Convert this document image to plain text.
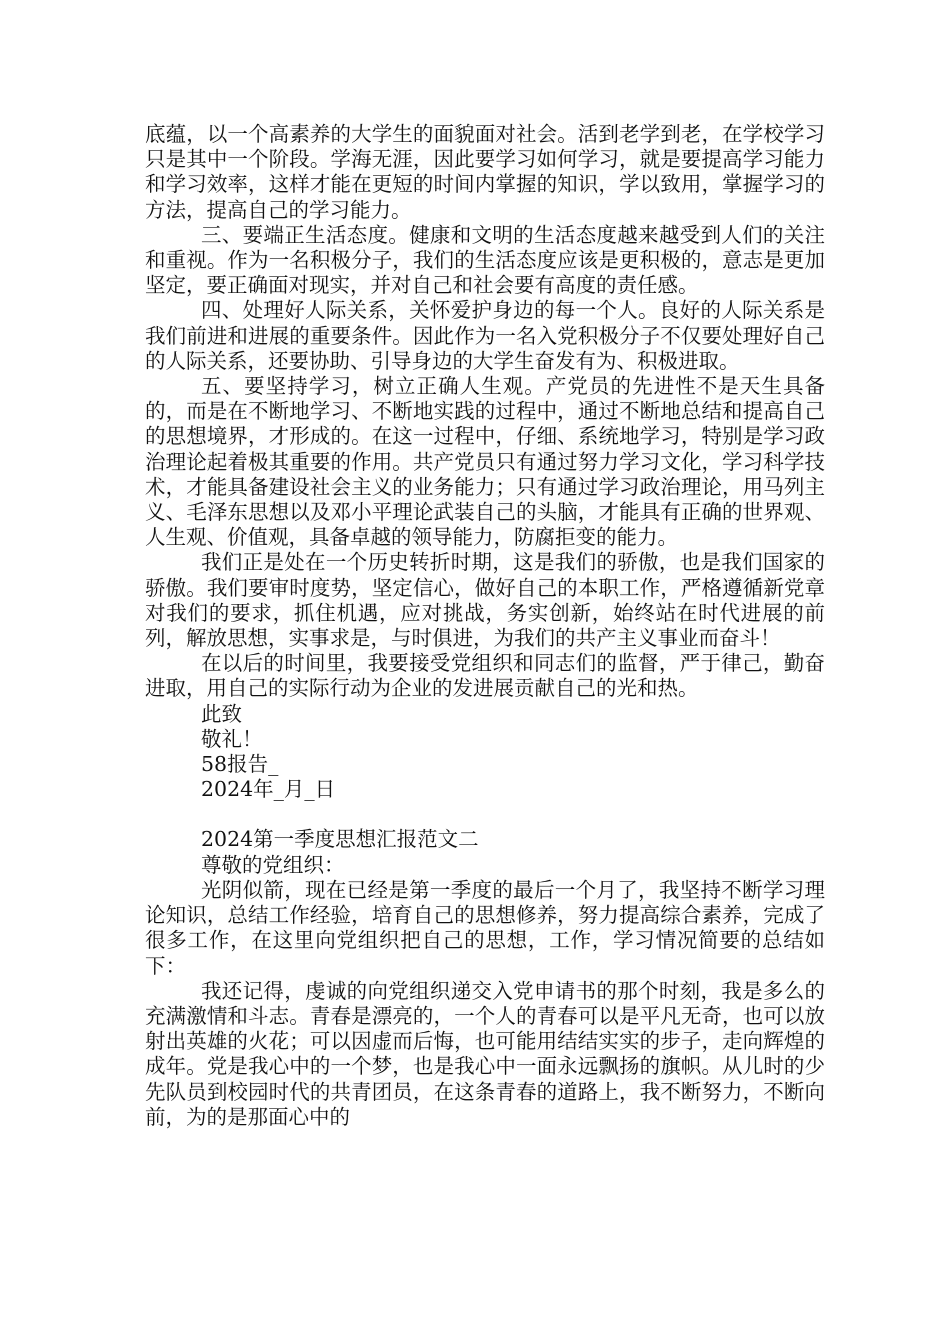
底蕴，以一个高素养的大学生的面貌面对社会。活到老学到老，在学校学习只是其中一个阶段。学海无涯，因此要学习如何学习，就是要提高学习能力和学习效率，这样才能在更短的时间内掌握的知识，学以致用，掌握学习的方法，提高自己的学习能力。

三、要端正生活态度。健康和文明的生活态度越来越受到人们的关注和重视。作为一名积极分子，我们的生活态度应该是更积极的，意志是更加坚定，要正确面对现实，并对自己和社会要有高度的责任感。

四、处理好人际关系，关怀爱护身边的每一个人。良好的人际关系是我们前进和进展的重要条件。因此作为一名入党积极分子不仅要处理好自己的人际关系，还要协助、引导身边的大学生奋发有为、积极进取。

五、要坚持学习，树立正确人生观。产党员的先进性不是天生具备的，而是在不断地学习、不断地实践的过程中，通过不断地总结和提高自己的思想境界，才形成的。在这一过程中，仔细、系统地学习，特别是学习政治理论起着极其重要的作用。共产党员只有通过努力学习文化，学习科学技术，才能具备建设社会主义的业务能力；只有通过学习政治理论，用马列主义、毛泽东思想以及邓小平理论武装自己的头脑，才能具有正确的世界观、人生观、价值观，具备卓越的领导能力，防腐拒变的能力。

我们正是处在一个历史转折时期，这是我们的骄傲，也是我们国家的骄傲。我们要审时度势，坚定信心，做好自己的本职工作，严格遵循新党章对我们的要求，抓住机遇，应对挑战，务实创新，始终站在时代进展的前列，解放思想，实事求是，与时俱进，为我们的共产主义事业而奋斗！

在以后的时间里，我要接受党组织和同志们的监督，严于律己，勤奋进取，用自己的实际行动为企业的发进展贡献自己的光和热。

此致

敬礼！

58报告_

2024年_月_日

2024第一季度思想汇报范文二

尊敬的党组织：

光阴似箭，现在已经是第一季度的最后一个月了，我坚持不断学习理论知识，总结工作经验，培育自己的思想修养，努力提高综合素养，完成了很多工作，在这里向党组织把自己的思想，工作，学习情况简要的总结如下：

我还记得，虔诚的向党组织递交入党申请书的那个时刻，我是多么的充满激情和斗志。青春是漂亮的，一个人的青春可以是平凡无奇，也可以放射出英雄的火花；可以因虚而后悔，也可能用结结实实的步子，走向辉煌的成年。党是我心中的一个梦，也是我心中一面永远飘扬的旗帜。从儿时的少先队员到校园时代的共青团员，在这条青春的道路上，我不断努力，不断向前，为的是那面心中的
